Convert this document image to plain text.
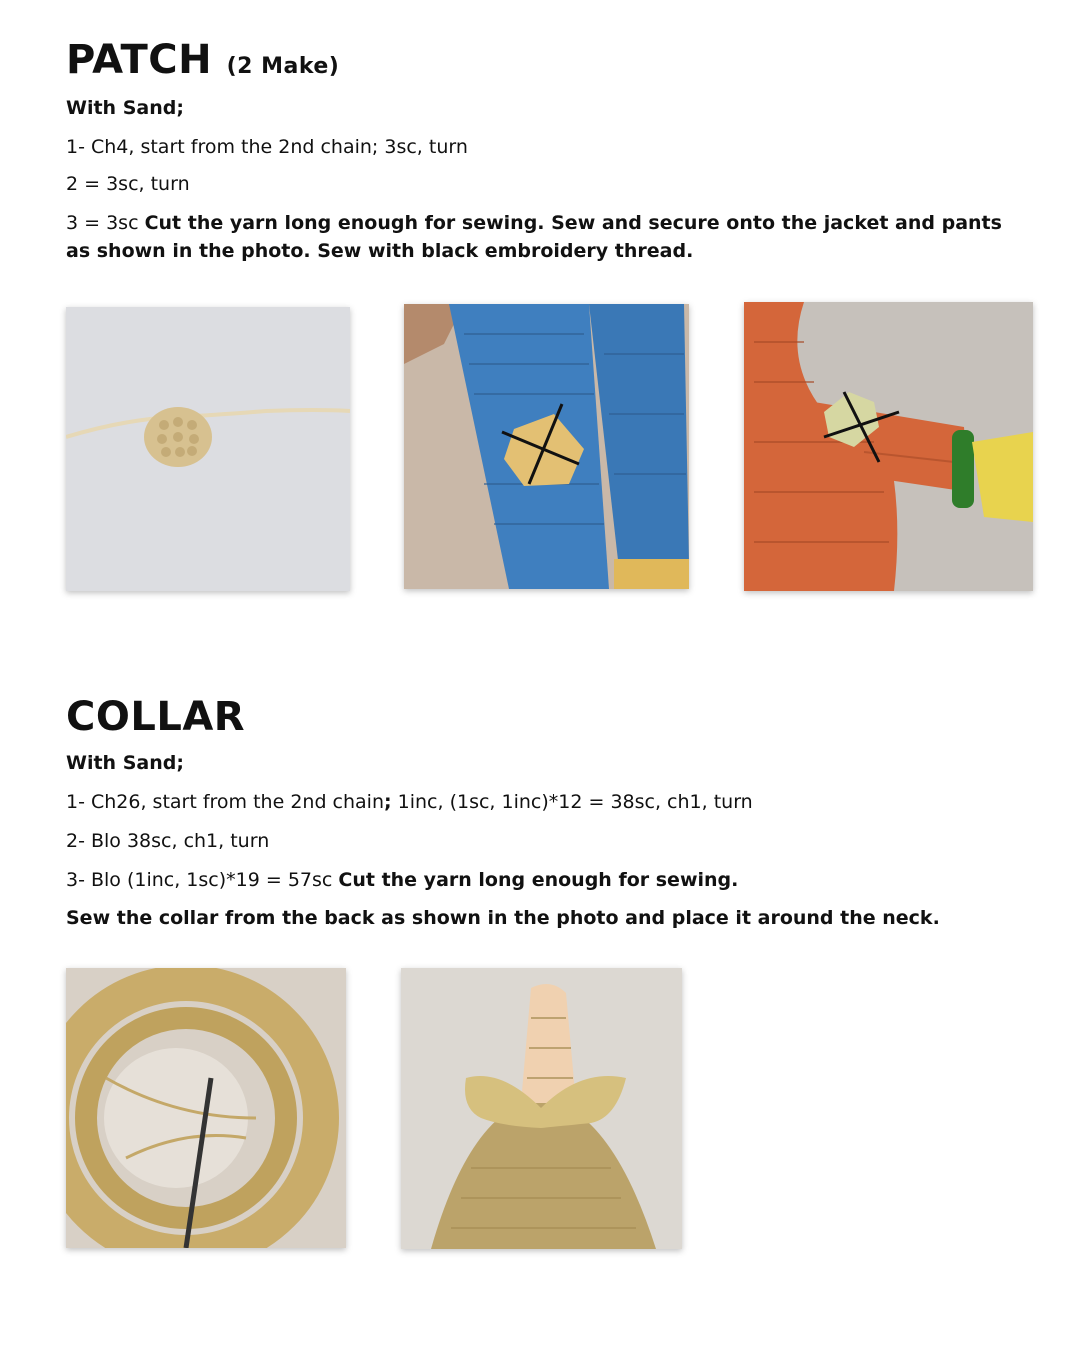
PATCH (2 Make)
With Sand;
1- Ch4, start from the 2nd chain; 3sc, turn
2 = 3sc, turn
3 = 3sc Cut the yarn long enough for sewing. Sew and secure onto the jacket and pants as shown in the photo. Sew with black embroidery thread.
COLLAR
With Sand;
1- Ch26, start from the 2nd chain; 1inc, (1sc, 1inc)*12 = 38sc, ch1, turn
2- Blo 38sc, ch1, turn
3- Blo (1inc, 1sc)*19 = 57sc Cut the yarn long enough for sewing.
Sew the collar from the back as shown in the photo and place it around the neck.
